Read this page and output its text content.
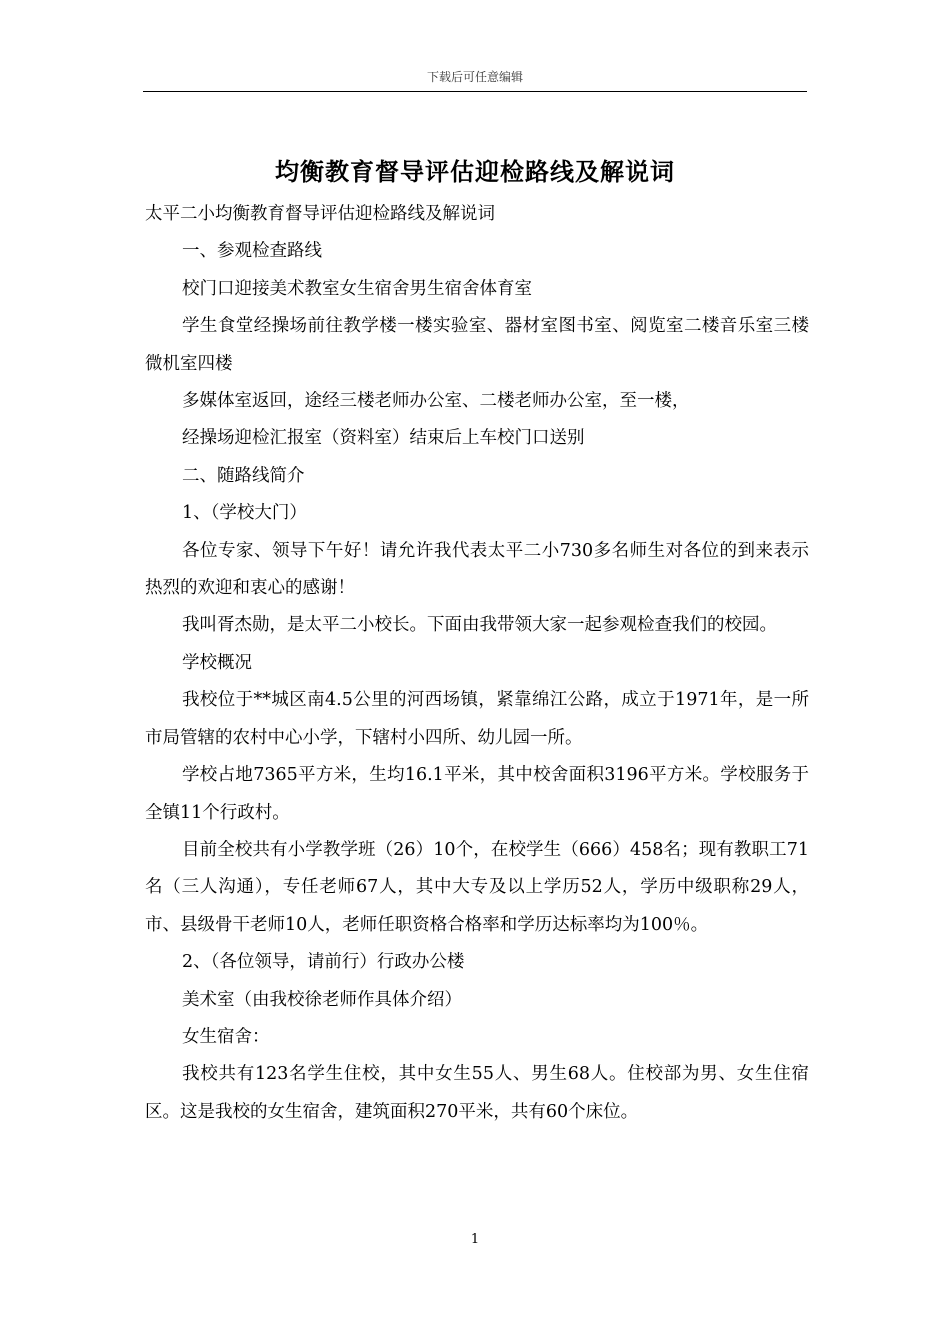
下载后可任意编辑
均衡教育督导评估迎检路线及解说词

太平二小均衡教育督导评估迎检路线及解说词

一、参观检查路线

校门口迎接美术教室女生宿舍男生宿舍体育室

学生食堂经操场前往教学楼一楼实验室、器材室图书室、阅览室二楼音乐室三楼微机室四楼

多媒体室返回，途经三楼老师办公室、二楼老师办公室，至一楼，

经操场迎检汇报室（资料室）结束后上车校门口送别

二、随路线简介

1、（学校大门）

各位专家、领导下午好！请允许我代表太平二小730多名师生对各位的到来表示热烈的欢迎和衷心的感谢！

我叫胥杰勋，是太平二小校长。下面由我带领大家一起参观检查我们的校园。

学校概况

我校位于**城区南4.5公里的河西场镇，紧靠绵江公路，成立于1971年，是一所市局管辖的农村中心小学，下辖村小四所、幼儿园一所。

学校占地7365平方米，生均16.1平米，其中校舍面积3196平方米。学校服务于全镇11个行政村。

目前全校共有小学教学班（26）10个，在校学生（666）458名；现有教职工71名（三人沟通），专任老师67人，其中大专及以上学历52人，学历中级职称29人，市、县级骨干老师10人，老师任职资格合格率和学历达标率均为100％。

2、（各位领导，请前行）行政办公楼

美术室（由我校徐老师作具体介绍）

女生宿舍：

我校共有123名学生住校，其中女生55人、男生68人。住校部为男、女生住宿区。这是我校的女生宿舍，建筑面积270平米，共有60个床位。

1
